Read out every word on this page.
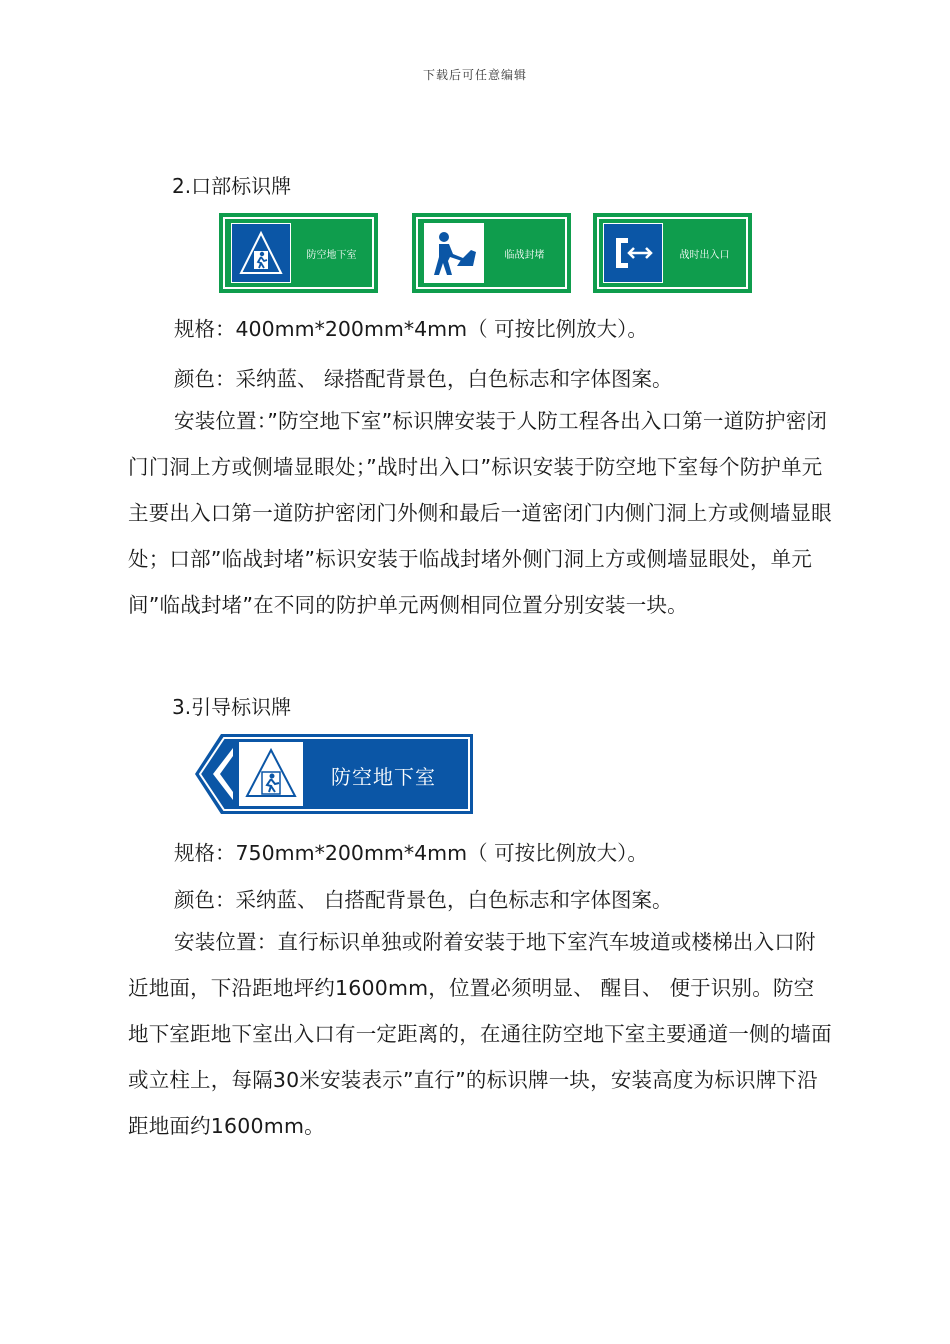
下载后可任意编辑
2.口部标识牌
防空地下室	临战封堵	战时出入口
规格：400mm*200mm*4mm（ 可按比例放大）。
颜色：采纳蓝、 绿搭配背景色，白色标志和字体图案。
安装位置：”防空地下室”标识牌安装于人防工程各出入口第一道防护密闭门门洞上方或侧墙显眼处；”战时出入口”标识安装于防空地下室每个防护单元主要出入口第一道防护密闭门外侧和最后一道密闭门内侧门洞上方或侧墙显眼处；口部”临战封堵”标识安装于临战封堵外侧门洞上方或侧墙显眼处，单元间”临战封堵”在不同的防护单元两侧相同位置分别安装一块。
3.引导标识牌
防空地下室
规格：750mm*200mm*4mm（ 可按比例放大）。
颜色：采纳蓝、 白搭配背景色，白色标志和字体图案。
安装位置：直行标识单独或附着安装于地下室汽车坡道或楼梯出入口附近地面，下沿距地坪约1600mm，位置必须明显、 醒目、 便于识别。防空地下室距地下室出入口有一定距离的，在通往防空地下室主要通道一侧的墙面或立柱上，每隔30米安装表示”直行”的标识牌一块，安装高度为标识牌下沿距地面约1600mm。
